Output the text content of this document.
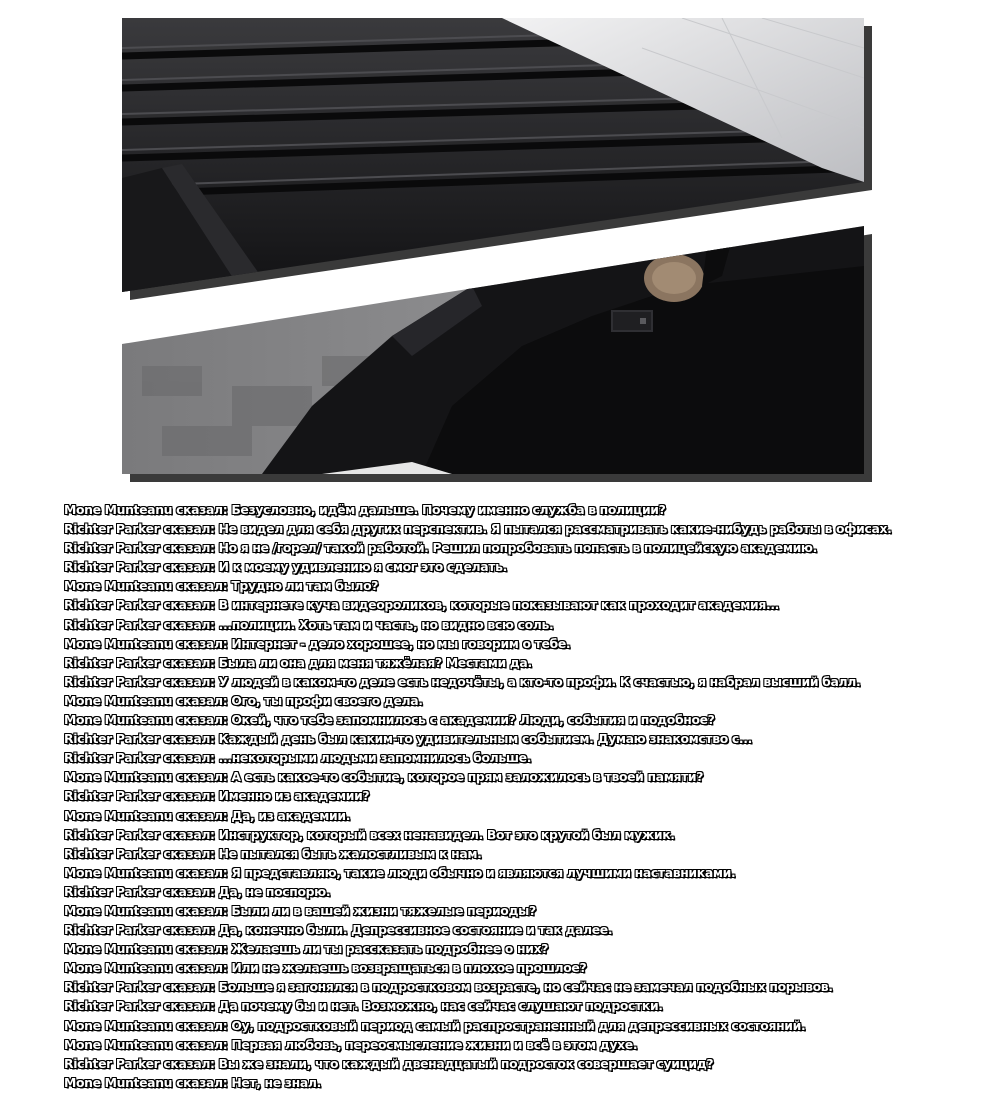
Mone Munteanu сказал: Безусловно, идём дальше. Почему именно служба в полиции?
Richter Parker сказал: Не видел для себя других перспектив. Я пытался рассматривать какие-нибудь работы в офисах.
Richter Parker сказал: Но я не /горел/ такой работой. Решил попробовать попасть в полицейскую академию.
Richter Parker сказал: И к моему удивлению я смог это сделать.
Mone Munteanu сказал: Трудно ли там было?
Richter Parker сказал: В интернете куча видеороликов, которые показывают как проходит академия...
Richter Parker сказал: ...полиции. Хоть там и часть, но видно всю соль.
Mone Munteanu сказал: Интернет - дело хорошее, но мы говорим о тебе.
Richter Parker сказал: Была ли она для меня тяжёлая? Местами да.
Richter Parker сказал: У людей в каком-то деле есть недочёты, а кто-то профи. К счастью, я набрал высший балл.
Mone Munteanu сказал: Ого, ты профи своего дела.
Mone Munteanu сказал: Окей, что тебе запомнилось с академии? Люди, события и подобное?
Richter Parker сказал: Каждый день был каким-то удивительным событием. Думаю знакомство с...
Richter Parker сказал: ...некоторыми людьми запомнилось больше.
Mone Munteanu сказал: А есть какое-то событие, которое прям заложилось в твоей памяти?
Richter Parker сказал: Именно из академии?
Mone Munteanu сказал: Да, из академии.
Richter Parker сказал: Инструктор, который всех ненавидел. Вот это крутой был мужик.
Richter Parker сказал: Не пытался быть жалостливым к нам.
Mone Munteanu сказал: Я представляю, такие люди обычно и являются лучшими наставниками.
Richter Parker сказал: Да, не поспорю.
Mone Munteanu сказал: Были ли в вашей жизни тяжелые периоды?
Richter Parker сказал: Да, конечно были. Депрессивное состояние и так далее.
Mone Munteanu сказал: Желаешь ли ты рассказать подробнее о них?
Mone Munteanu сказал: Или не желаешь возвращаться в плохое прошлое?
Richter Parker сказал: Больше я загонялся в подростковом возрасте, но сейчас не замечал подобных порывов.
Richter Parker сказал: Да почему бы и нет. Возможно, нас сейчас слушают подростки.
Mone Munteanu сказал: Оу, подростковый период самый распространенный для депрессивных состояний.
Mone Munteanu сказал: Первая любовь, переосмысление жизни и всё в этом духе.
Richter Parker сказал: Вы же знали, что каждый двенадцатый подросток совершает суицид?
Mone Munteanu сказал: Нет, не знал.
